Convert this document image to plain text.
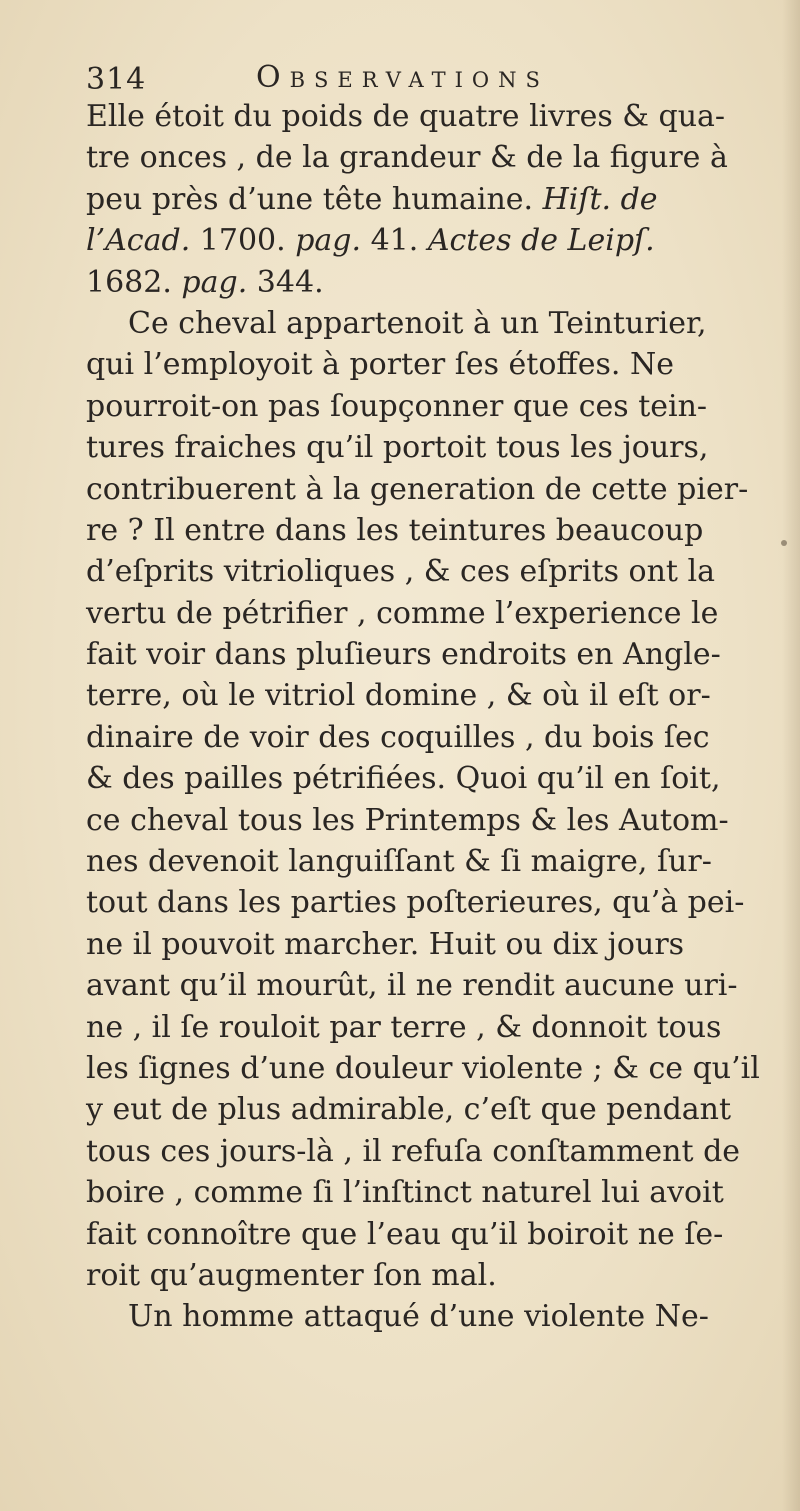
314	Observations
Elle étoit du poids de quatre livres & qua-
tre onces , de la grandeur & de la figure à
peu près d’une tête humaine. Hiſt. de
l’Acad. 1700. pag. 41. Actes de Leipſ.
1682. pag. 344.
Ce cheval appartenoit à un Teinturier,
qui l’employoit à porter ſes étoffes. Ne
pourroit-on pas ſoupçonner que ces tein-
tures fraiches qu’il portoit tous les jours,
contribuerent à la generation de cette pier-
re ? Il entre dans les teintures beaucoup
d’eſprits vitrioliques , & ces eſprits ont la
vertu de pétrifier , comme l’experience le
fait voir dans pluſieurs endroits en Angle-
terre, où le vitriol domine , & où il eſt or-
dinaire de voir des coquilles , du bois ſec
& des pailles pétrifiées. Quoi qu’il en ſoit,
ce cheval tous les Printemps & les Autom-
nes devenoit languiſſant & ſi maigre, ſur-
tout dans les parties poſterieures, qu’à pei-
ne il pouvoit marcher. Huit ou dix jours
avant qu’il mourût, il ne rendit aucune uri-
ne , il ſe rouloit par terre , & donnoit tous
les ſignes d’une douleur violente ; & ce qu’il
y eut de plus admirable, c’eſt que pendant
tous ces jours-là , il refuſa conſtamment de
boire , comme ſi l’inſtinct naturel lui avoit
fait connoître que l’eau qu’il boiroit ne ſe-
roit qu’augmenter ſon mal.
Un homme attaqué d’une violente Ne-
